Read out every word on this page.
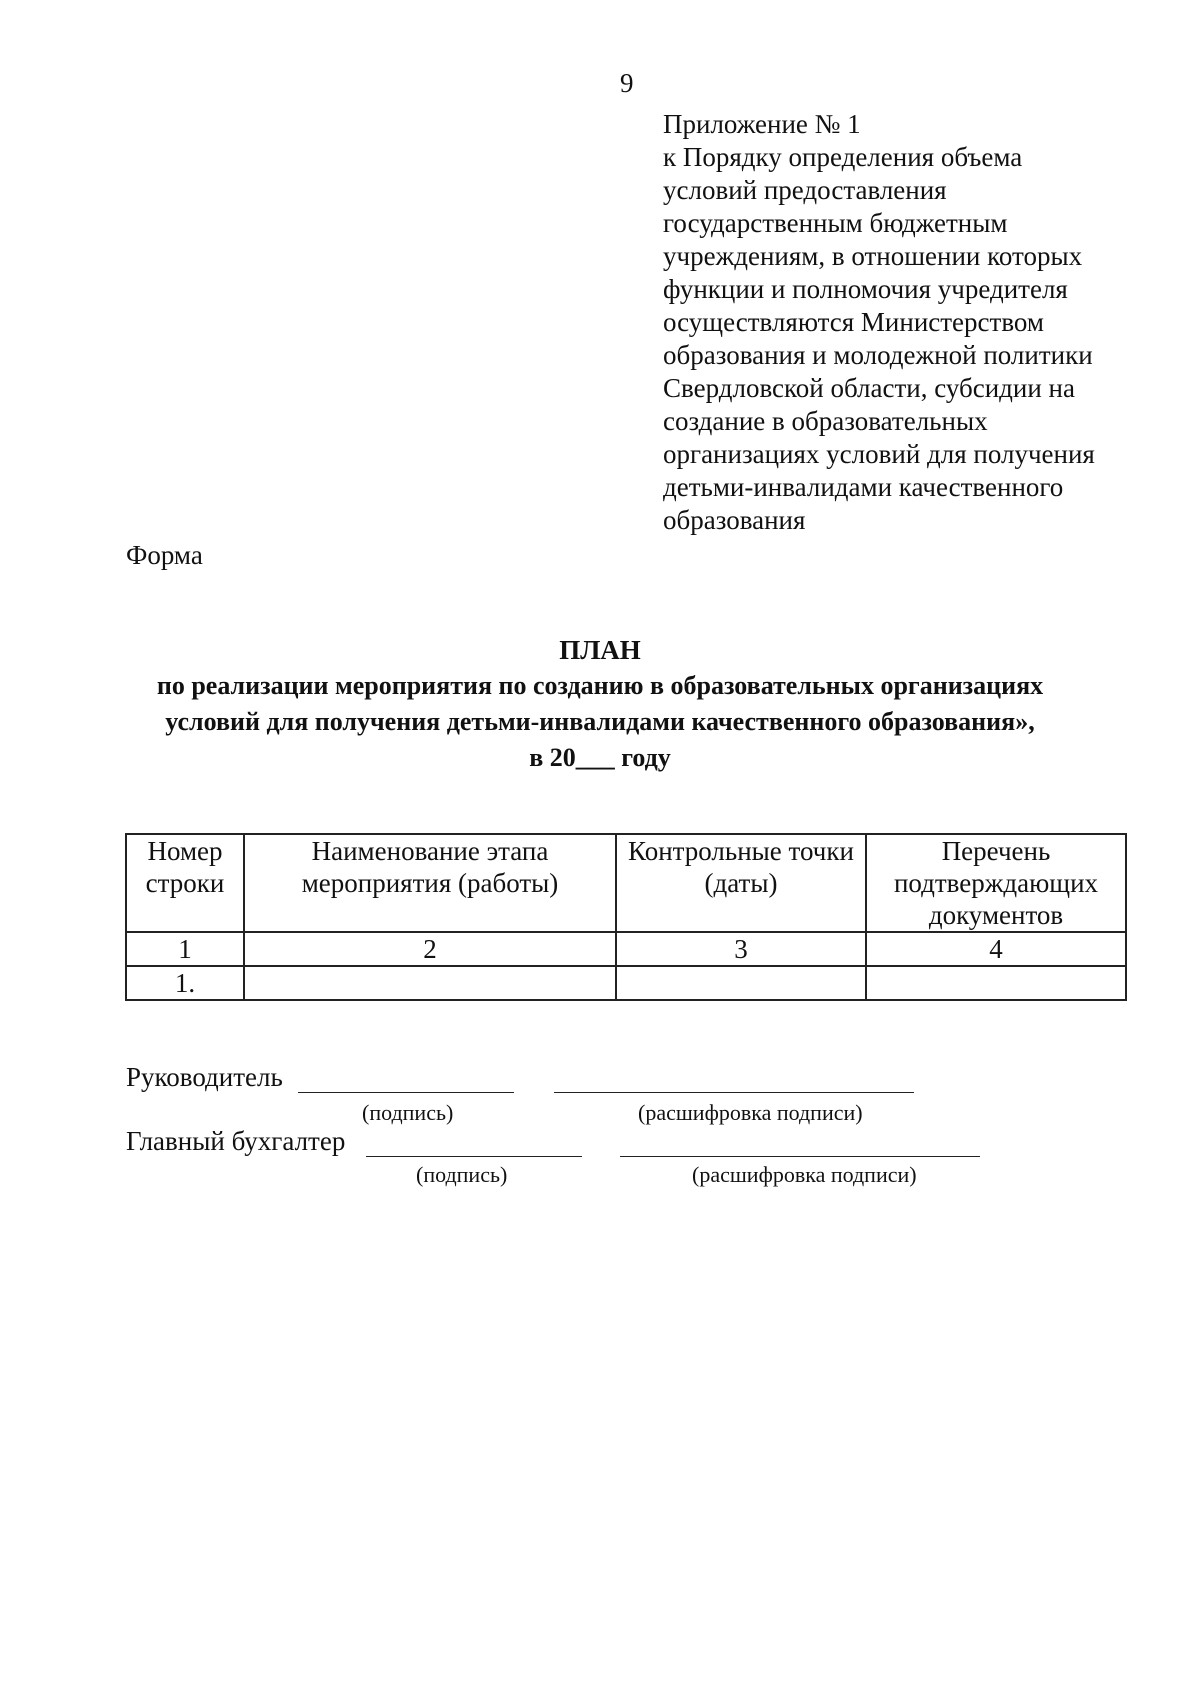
9
Приложение № 1
к Порядку определения объема
условий предоставления
государственным бюджетным
учреждениям, в отношении которых
функции и полномочия учредителя
осуществляются Министерством
образования и молодежной политики
Свердловской области, субсидии на
создание в образовательных
организациях условий для получения
детьми-инвалидами качественного
образования
Форма
ПЛАН
по реализации мероприятия по созданию в образовательных организациях
условий для получения детьми-инвалидами качественного образования»,
в 20___ году
Номер строки	Наименование этапа мероприятия (работы)	Контрольные точки (даты)	Перечень подтверждающих документов
1	2	3	4
1.			
Руководитель
(подпись)	(расшифровка подписи)
Главный бухгалтер
(подпись)	(расшифровка подписи)
